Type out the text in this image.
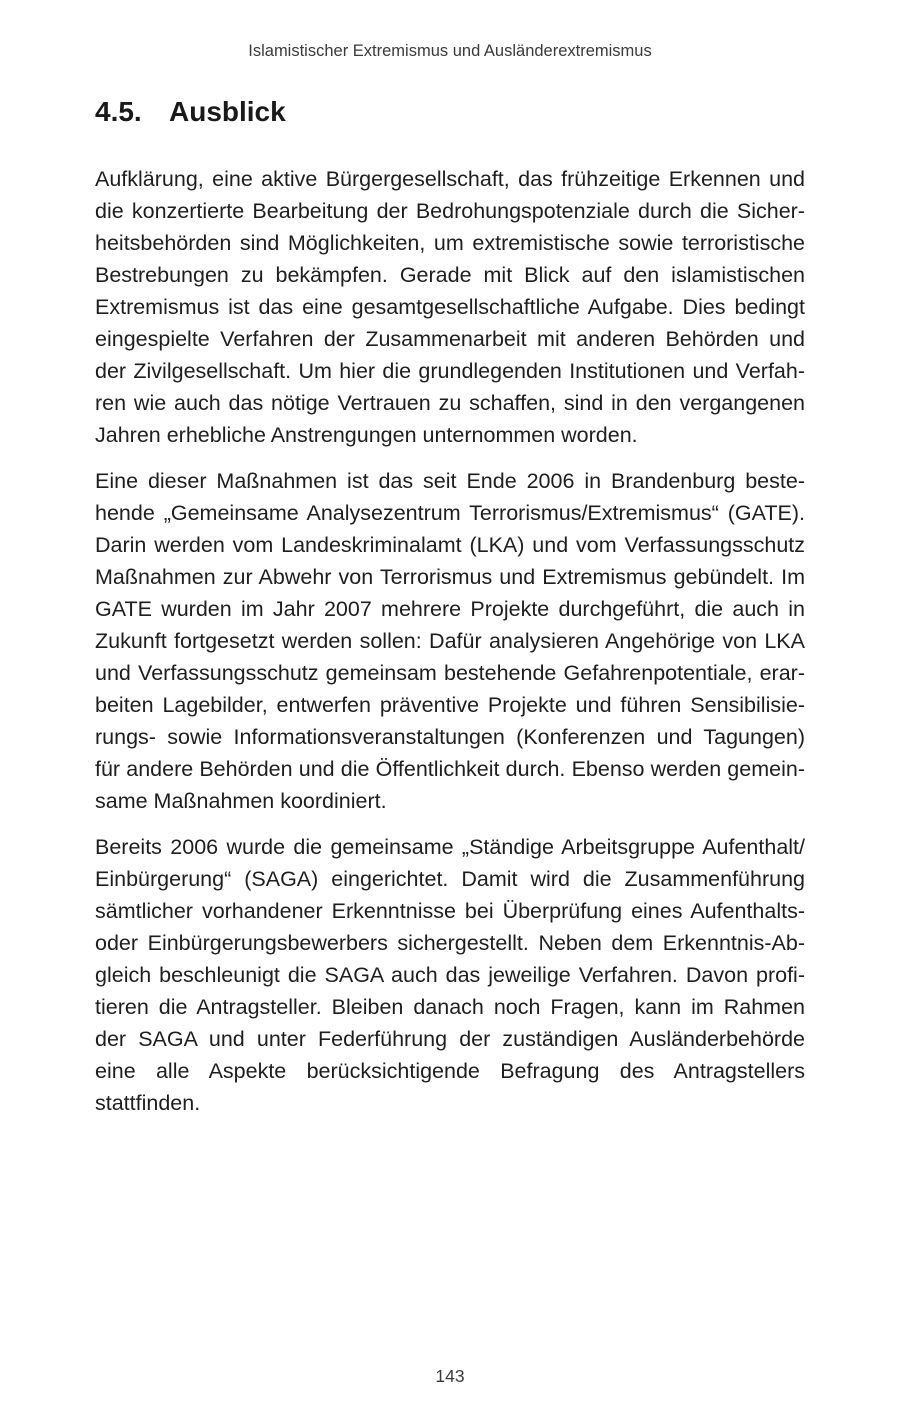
Islamistischer Extremismus und Ausländerextremismus
4.5. Ausblick

Aufklärung, eine aktive Bürgergesellschaft, das frühzeitige Erkennen und die konzertierte Bearbeitung der Bedrohungspotenziale durch die Sicherheitsbehörden sind Möglichkeiten, um extremistische sowie terroristische Bestrebungen zu bekämpfen. Gerade mit Blick auf den islamistischen Extremismus ist das eine gesamtgesellschaftliche Aufgabe. Dies bedingt eingespielte Verfahren der Zusammenarbeit mit anderen Behörden und der Zivilgesellschaft. Um hier die grundlegenden Institutionen und Verfahren wie auch das nötige Vertrauen zu schaffen, sind in den vergangenen Jahren erhebliche Anstrengungen unternommen worden.

Eine dieser Maßnahmen ist das seit Ende 2006 in Brandenburg bestehende „Gemeinsame Analysezentrum Terrorismus/Extremismus“ (GATE). Darin werden vom Landeskriminalamt (LKA) und vom Verfassungsschutz Maßnahmen zur Abwehr von Terrorismus und Extremismus gebündelt. Im GATE wurden im Jahr 2007 mehrere Projekte durchgeführt, die auch in Zukunft fortgesetzt werden sollen: Dafür analysieren Angehörige von LKA und Verfassungsschutz gemeinsam bestehende Gefahrenpotentiale, erarbeiten Lagebilder, entwerfen präventive Projekte und führen Sensibilisierungs- sowie Informationsveranstaltungen (Konferenzen und Tagungen) für andere Behörden und die Öffentlichkeit durch. Ebenso werden gemeinsame Maßnahmen koordiniert.

Bereits 2006 wurde die gemeinsame „Ständige Arbeitsgruppe Aufenthalt/​Einbürgerung“ (SAGA) eingerichtet. Damit wird die Zusammenführung sämtlicher vorhandener Erkenntnisse bei Überprüfung eines Aufenthalts- oder Einbürgerungsbewerbers sichergestellt. Neben dem Erkenntnis-Abgleich beschleunigt die SAGA auch das jeweilige Verfahren. Davon profitieren die Antragsteller. Bleiben danach noch Fragen, kann im Rahmen der SAGA und unter Federführung der zuständigen Ausländerbehörde eine alle Aspekte berücksichtigende Befragung des Antragstellers stattfinden.

143
